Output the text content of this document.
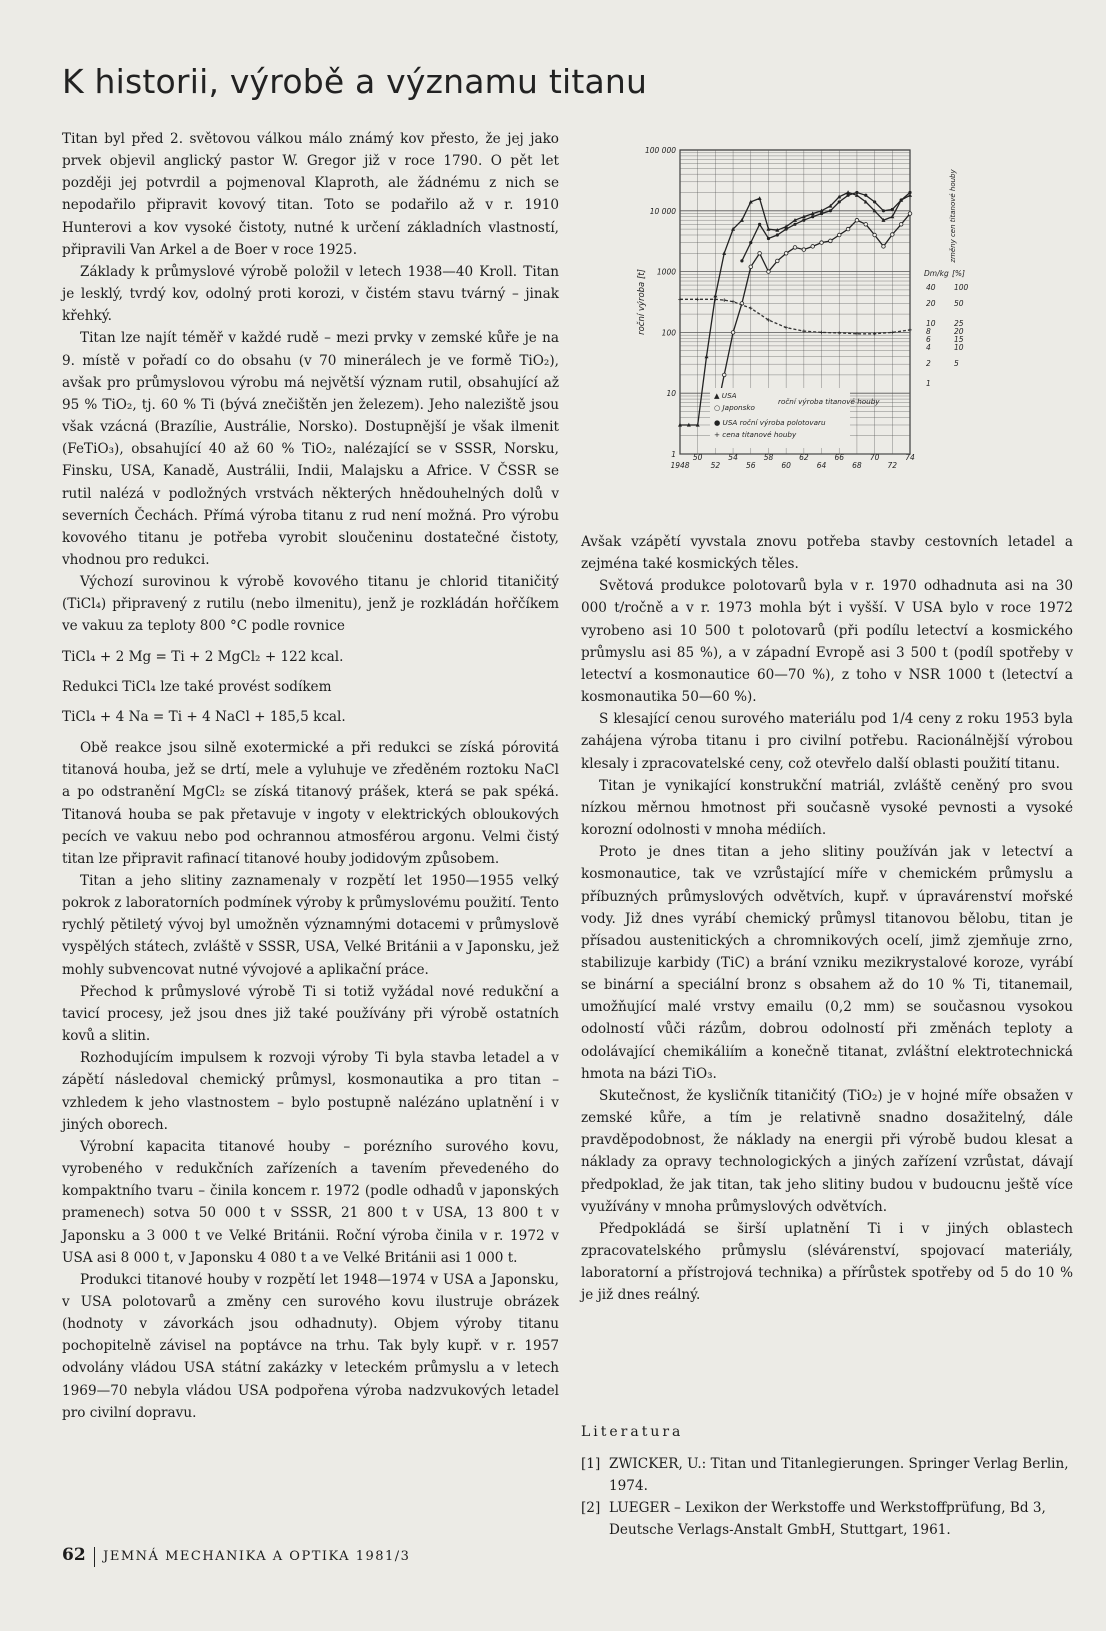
K historii, výrobě a významu titanu

Titan byl před 2. světovou válkou málo známý kov přesto, že jej jako prvek objevil anglický pastor W. Gregor již v roce 1790. O pět let později jej potvrdil a pojmenoval Klaproth, ale žádnému z nich se nepodařilo připravit kovový titan. Toto se podařilo až v r. 1910 Hunterovi a kov vysoké čistoty, nutné k určení základních vlastností, připravili Van Arkel a de Boer v roce 1925.

Základy k průmyslové výrobě položil v letech 1938—40 Kroll. Titan je lesklý, tvrdý kov, odolný proti korozi, v čistém stavu tvárný – jinak křehký.

Titan lze najít téměř v každé rudě – mezi prvky v zemské kůře je na 9. místě v pořadí co do obsahu (v 70 minerálech je ve formě TiO₂), avšak pro průmyslovou výrobu má největší význam rutil, obsahující až 95 % TiO₂, tj. 60 % Ti (bývá znečištěn jen železem). Jeho naleziště jsou však vzácná (Brazílie, Austrálie, Norsko). Dostupnější je však ilmenit (FeTiO₃), obsahující 40 až 60 % TiO₂, nalézající se v SSSR, Norsku, Finsku, USA, Kanadě, Austrálii, Indii, Malajsku a Africe. V ČSSR se rutil nalézá v podložných vrstvách některých hnědouhelných dolů v severních Čechách. Přímá výroba titanu z rud není možná. Pro výrobu kovového titanu je potřeba vyrobit sloučeninu dostatečné čistoty, vhodnou pro redukci.

Výchozí surovinou k výrobě kovového titanu je chlorid titaničitý (TiCl₄) připravený z rutilu (nebo ilmenitu), jenž je rozkládán hořčíkem ve vakuu za teploty 800 °C podle rovnice

TiCl₄ + 2 Mg = Ti + 2 MgCl₂ + 122 kcal.

Redukci TiCl₄ lze také provést sodíkem

TiCl₄ + 4 Na = Ti + 4 NaCl + 185,5 kcal.

Obě reakce jsou silně exotermické a při redukci se získá pórovitá titanová houba, jež se drtí, mele a vyluhuje ve zředěném roztoku NaCl a po odstranění MgCl₂ se získá titanový prášek, která se pak spéká. Titanová houba se pak přetavuje v ingoty v elektrických obloukových pecích ve vakuu nebo pod ochrannou atmosférou argonu. Velmi čistý titan lze připravit rafinací titanové houby jodidovým způsobem.

Titan a jeho slitiny zaznamenaly v rozpětí let 1950—1955 velký pokrok z laboratorních podmínek výroby k průmyslovému použití. Tento rychlý pětiletý vývoj byl umožněn významnými dotacemi v průmyslově vyspělých státech, zvláště v SSSR, USA, Velké Británii a v Japonsku, jež mohly subvencovat nutné vývojové a aplikační práce.

Přechod k průmyslové výrobě Ti si totiž vyžádal nové redukční a tavicí procesy, jež jsou dnes již také používány při výrobě ostatních kovů a slitin.

Rozhodujícím impulsem k rozvoji výroby Ti byla stavba letadel a v zápětí následoval chemický průmysl, kosmonautika a pro titan – vzhledem k jeho vlastnostem – bylo postupně nalézáno uplatnění i v jiných oborech.

Výrobní kapacita titanové houby – porézního surového kovu, vyrobeného v redukčních zařízeních a tavením převedeného do kompaktního tvaru – činila koncem r. 1972 (podle odhadů v japonských pramenech) sotva 50 000 t v SSSR, 21 800 t v USA, 13 800 t v Japonsku a 3 000 t ve Velké Británii. Roční výroba činila v r. 1972 v USA asi 8 000 t, v Japonsku 4 080 t a ve Velké Británii asi 1 000 t.

Produkci titanové houby v rozpětí let 1948—1974 v USA a Japonsku, v USA polotovarů a změny cen surového kovu ilustruje obrázek (hodnoty v závorkách jsou odhadnuty). Objem výroby titanu pochopitelně závisel na poptávce na trhu. Tak byly kupř. v r. 1957 odvolány vládou USA státní zakázky v leteckém průmyslu a v letech 1969—70 nebyla vládou USA podpořena výroba nadzvukových letadel pro civilní dopravu.

Avšak vzápětí vyvstala znovu potřeba stavby cestovních letadel a zejména také kosmických těles.

Světová produkce polotovarů byla v r. 1970 odhadnuta asi na 30 000 t/ročně a v r. 1973 mohla být i vyšší. V USA bylo v roce 1972 vyrobeno asi 10 500 t polotovarů (při podílu letectví a kosmického průmyslu asi 85 %), a v západní Evropě asi 3 500 t (podíl spotřeby v letectví a kosmonautice 60—70 %), z toho v NSR 1000 t (letectví a kosmonautika 50—60 %).

S klesající cenou surového materiálu pod 1/4 ceny z roku 1953 byla zahájena výroba titanu i pro civilní potřebu. Racionálnější výrobou klesaly i zpracovatelské ceny, což otevřelo další oblasti použití titanu.

Titan je vynikající konstrukční matriál, zvláště ceněný pro svou nízkou měrnou hmotnost při současně vysoké pevnosti a vysoké korozní odolnosti v mnoha médiích.

Proto je dnes titan a jeho slitiny používán jak v letectví a kosmonautice, tak ve vzrůstající míře v chemickém průmyslu a příbuzných průmyslových odvětvích, kupř. v úpravárenství mořské vody. Již dnes vyrábí chemický průmysl titanovou bělobu, titan je přísadou austenitických a chromnikových ocelí, jimž zjemňuje zrno, stabilizuje karbidy (TiC) a brání vzniku mezikrystalové koroze, vyrábí se binární a speciální bronz s obsahem až do 10 % Ti, titanemail, umožňující malé vrstvy emailu (0,2 mm) se současnou vysokou odolností vůči rázům, dobrou odolností při změnách teploty a odolávající chemikáliím a konečně titanat, zvláštní elektrotechnická hmota na bázi TiO₃.

Skutečnost, že kysličník titaničitý (TiO₂) je v hojné míře obsažen v zemské kůře, a tím je relativně snadno dosažitelný, dále pravděpodobnost, že náklady na energii při výrobě budou klesat a náklady za opravy technologických a jiných zařízení vzrůstat, dávají předpoklad, že jak titan, tak jeho slitiny budou v budoucnu ještě více využívány v mnoha průmyslových odvětvích.

Předpokládá se širší uplatnění Ti i v jiných oblastech zpracovatelského průmyslu (slévárenství, spojovací materiály, laboratorní a přístrojová technika) a přírůstek spotřeby od 5 do 10 % je již dnes reálný.

100 000
10 000
1000
100
10
1
1948
50
52
54
56
58
60
62
64
66
68
70
72
74
roční výroba [t]
změny cen titanové houby
Dm/kg [%]
40 100
20 50
10 25
8	20
6	15
4	10
2	5
1
▲ USA
○ Japonsko
roční výroba titanové houby
● USA roční výroba polotovaru
+ cena titanové houby

Literatura

[1] ZWICKER, U.: Titan und Titanlegierungen. Springer Verlag Berlin, 1974.
[2] LUEGER – Lexikon der Werkstoffe und Werkstoffprüfung, Bd 3, Deutsche Verlags-Anstalt GmbH, Stuttgart, 1961.
62 JEMNÁ MECHANIKA A OPTIKA 1981/3
